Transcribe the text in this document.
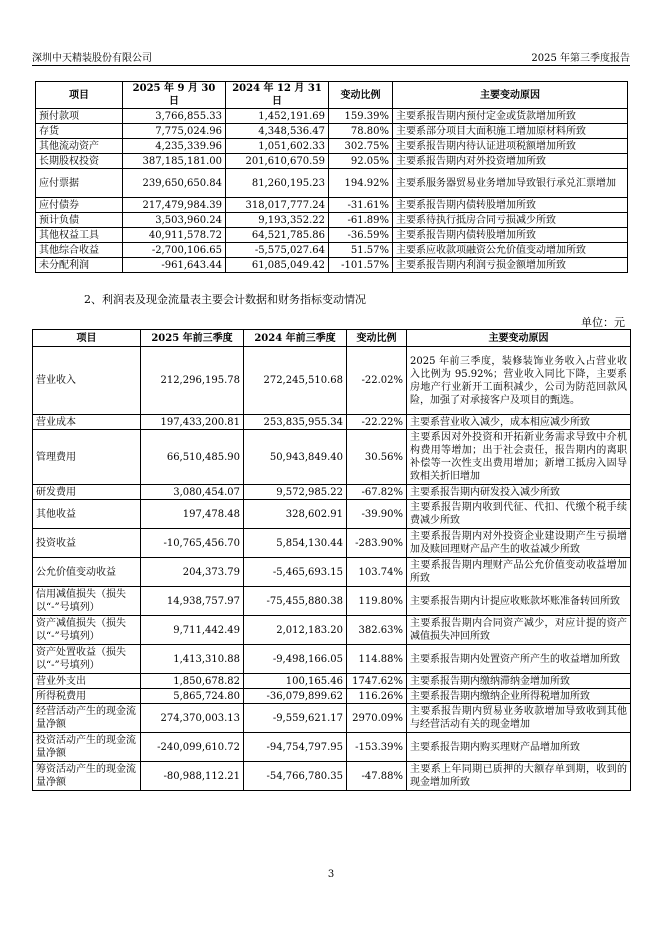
深圳中天精装股份有限公司	2025 年第三季度报告
项目	2025 年 9 月 30 日	2024 年 12 月 31 日	变动比例	主要变动原因
预付款项	3,766,855.33	1,452,191.69	159.39%	主要系报告期内预付定金或货款增加所致
存货	7,775,024.96	4,348,536.47	78.80%	主要系部分项目大面积施工增加原材料所致
其他流动资产	4,235,339.96	1,051,602.33	302.75%	主要系报告期内待认证进项税额增加所致
长期股权投资	387,185,181.00	201,610,670.59	92.05%	主要系报告期内对外投资增加所致
应付票据	239,650,650.84	81,260,195.23	194.92%	主要系服务器贸易业务增加导致银行承兑汇票增加
应付债券	217,479,984.39	318,017,777.24	-31.61%	主要系报告期内债转股增加所致
预计负债	3,503,960.24	9,193,352.22	-61.89%	主要系待执行抵房合同亏损减少所致
其他权益工具	40,911,578.72	64,521,785.86	-36.59%	主要系报告期内债转股增加所致
其他综合收益	-2,700,106.65	-5,575,027.64	51.57%	主要系应收款项融资公允价值变动增加所致
未分配利润	-961,643.44	61,085,049.42	-101.57%	主要系报告期内利润亏损金额增加所致
2、利润表及现金流量表主要会计数据和财务指标变动情况
单位：元
项目	2025 年前三季度	2024 年前三季度	变动比例	主要变动原因
营业收入	212,296,195.78	272,245,510.68	-22.02%	2025 年前三季度，装修装饰业务收入占营业收入比例为 95.92%；营业收入同比下降，主要系房地产行业新开工面积减少，公司为防范回款风险，加强了对承接客户及项目的甄选。
营业成本	197,433,200.81	253,835,955.34	-22.22%	主要系营业收入减少，成本相应减少所致
管理费用	66,510,485.90	50,943,849.40	30.56%	主要系因对外投资和开拓新业务需求导致中介机构费用等增加；出于社会责任，报告期内的离职补偿等一次性支出费用增加；新增工抵房入固导致相关折旧增加
研发费用	3,080,454.07	9,572,985.22	-67.82%	主要系报告期内研发投入减少所致
其他收益	197,478.48	328,602.91	-39.90%	主要系报告期内收到代征、代扣、代缴个税手续费减少所致
投资收益	-10,765,456.70	5,854,130.44	-283.90%	主要系报告期内对外投资企业建设期产生亏损增加及赎回理财产品产生的收益减少所致
公允价值变动收益	204,373.79	-5,465,693.15	103.74%	主要系报告期内理财产品公允价值变动收益增加所致
信用减值损失（损失以“-”号填列）	14,938,757.97	-75,455,880.38	119.80%	主要系报告期内计提应收账款坏账准备转回所致
资产减值损失（损失以“-”号填列）	9,711,442.49	2,012,183.20	382.63%	主要系报告期内合同资产减少，对应计提的资产减值损失冲回所致
资产处置收益（损失以“-”号填列）	1,413,310.88	-9,498,166.05	114.88%	主要系报告期内处置资产所产生的收益增加所致
营业外支出	1,850,678.82	100,165.46	1747.62%	主要系报告期内缴纳滞纳金增加所致
所得税费用	5,865,724.80	-36,079,899.62	116.26%	主要系报告期内缴纳企业所得税增加所致
经营活动产生的现金流量净额	274,370,003.13	-9,559,621.17	2970.09%	主要系报告期内贸易业务收款增加导致收到其他与经营活动有关的现金增加
投资活动产生的现金流量净额	-240,099,610.72	-94,754,797.95	-153.39%	主要系报告期内购买理财产品增加所致
筹资活动产生的现金流量净额	-80,988,112.21	-54,766,780.35	-47.88%	主要系上年同期已质押的大额存单到期，收到的现金增加所致
3
